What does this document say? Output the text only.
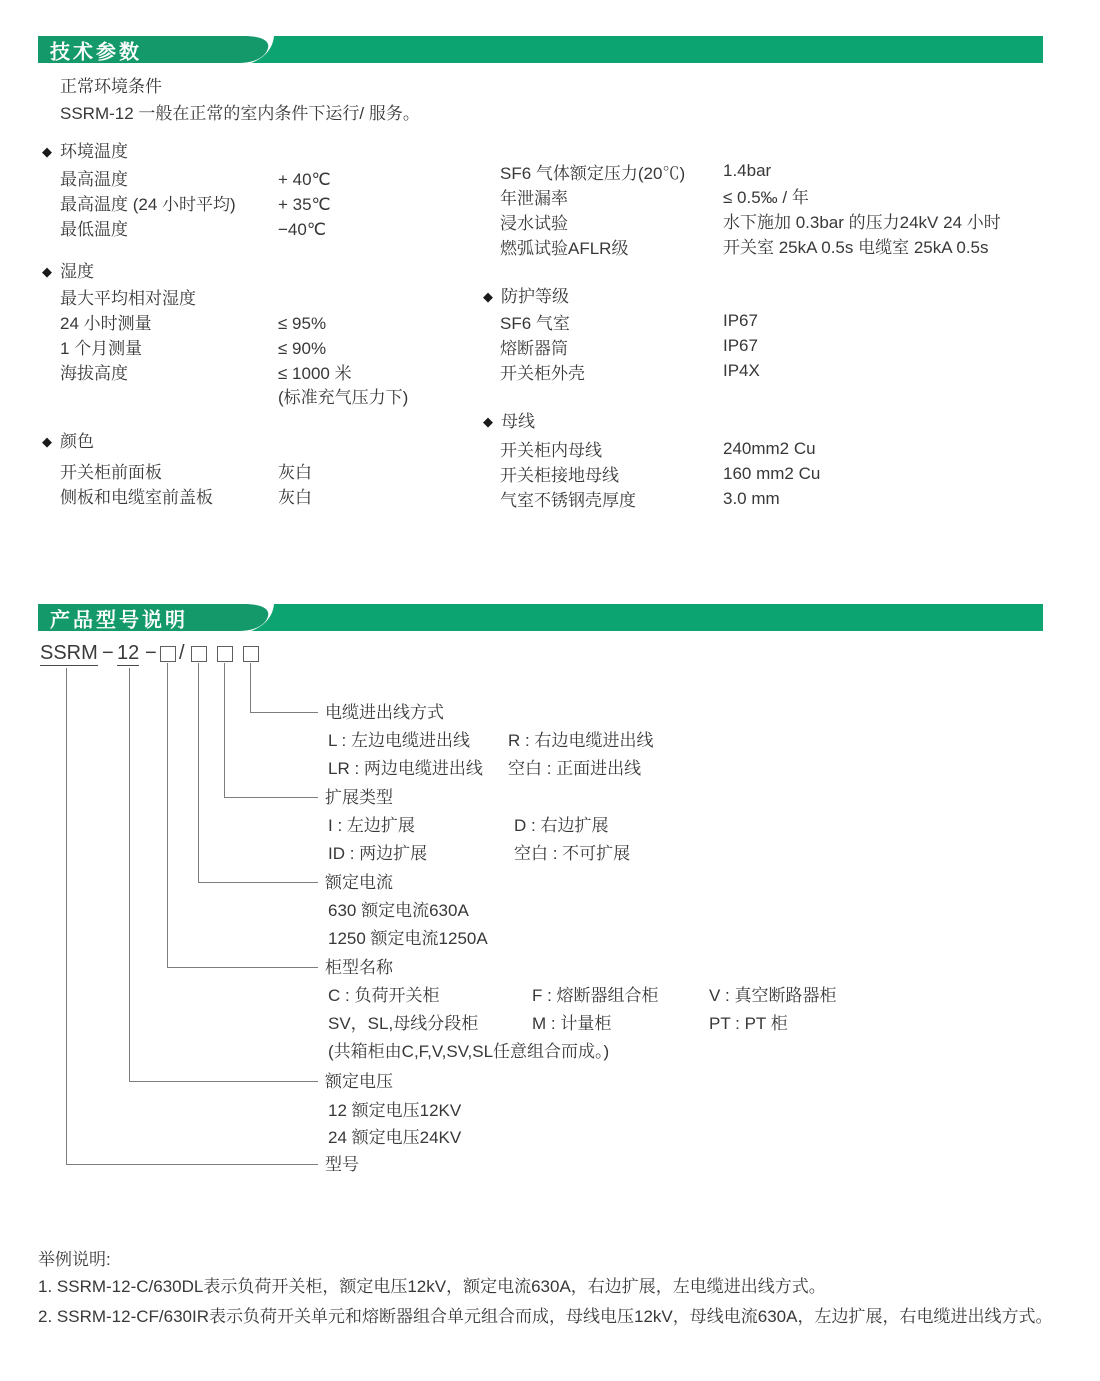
技术参数
正常环境条件
SSRM-12 一般在正常的室内条件下运行/ 服务。
◆ 环境温度
最高温度	+ 40℃
最高温度 (24 小时平均) + 35℃
最低温度	−40℃
◆ 湿度
最大平均相对湿度
24 小时测量	≤ 95%
1 个月测量	≤ 90%
海拔高度	≤ 1000 米
(标准充气压力下)
◆ 颜色
开关柜前面板	灰白
侧板和电缆室前盖板	灰白
SF6 气体额定压力(20℃) 1.4bar
年泄漏率	≤ 0.5‰ / 年
浸水试验	水下施加 0.3bar 的压力24kV 24 小时
燃弧试验AFLR级	开关室 25kA 0.5s 电缆室 25kA 0.5s
◆ 防护等级
SF6 气室	IP67
熔断器筒	IP67
开关柜外壳	IP4X
◆ 母线
开关柜内母线	240mm2 Cu
开关柜接地母线	160 mm2 Cu
气室不锈钢壳厚度	3.0 mm
产品型号说明
SSRM − 12 − /
电缆进出线方式
L : 左边电缆进出线 R : 右边电缆进出线
LR : 两边电缆进出线 空白 : 正面进出线
扩展类型
I : 左边扩展	D : 右边扩展
ID : 两边扩展	空白 : 不可扩展
额定电流
630 额定电流630A
1250 额定电流1250A
柜型名称
C : 负荷开关柜	F : 熔断器组合柜	V : 真空断路器柜
SV，SL,母线分段柜	M : 计量柜	PT : PT 柜
(共箱柜由C,F,V,SV,SL任意组合而成。)
额定电压
12 额定电压12KV
24 额定电压24KV
型号
举例说明:
1. SSRM-12-C/630DL表示负荷开关柜，额定电压12kV，额定电流630A，右边扩展，左电缆进出线方式。
2. SSRM-12-CF/630IR表示负荷开关单元和熔断器组合单元组合而成，母线电压12kV，母线电流630A，左边扩展，右电缆进出线方式。
